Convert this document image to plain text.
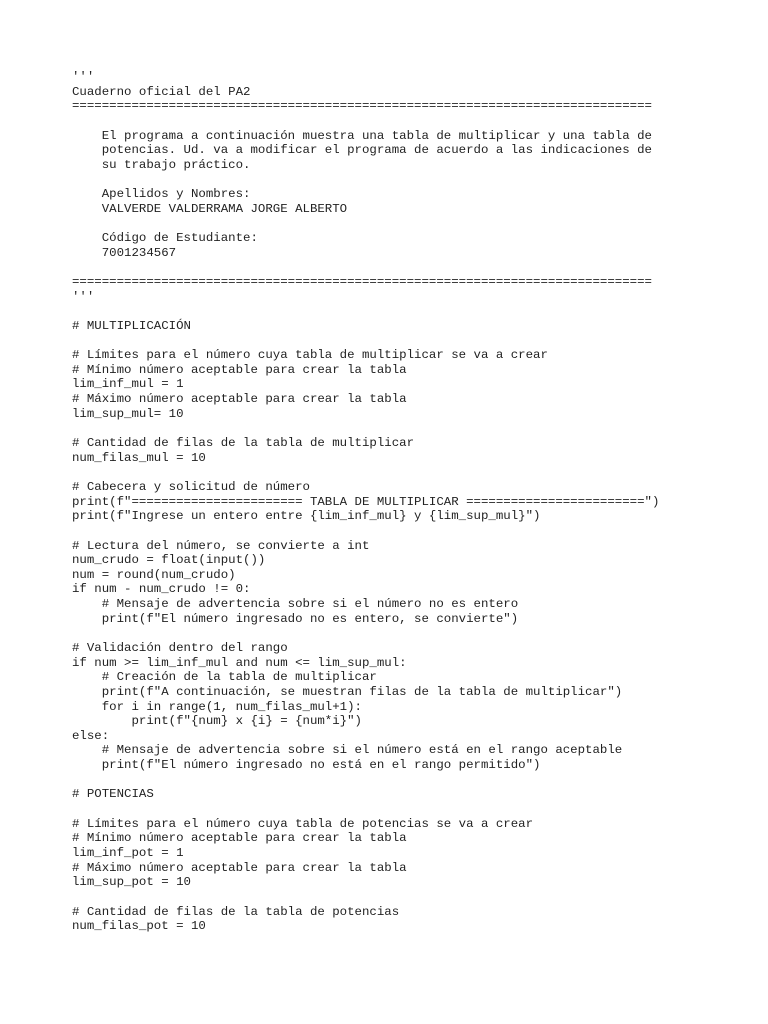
'''
Cuaderno oficial del PA2
==============================================================================
El programa a continuación muestra una tabla de multiplicar y una tabla de
potencias. Ud. va a modificar el programa de acuerdo a las indicaciones de
su trabajo práctico.
Apellidos y Nombres:
VALVERDE VALDERRAMA JORGE ALBERTO
Código de Estudiante:
7001234567
==============================================================================
'''
# MULTIPLICACIÓN
# Límites para el número cuya tabla de multiplicar se va a crear
# Mínimo número aceptable para crear la tabla
lim_inf_mul = 1
# Máximo número aceptable para crear la tabla
lim_sup_mul= 10
# Cantidad de filas de la tabla de multiplicar
num_filas_mul = 10
# Cabecera y solicitud de número
print(f"======================= TABLA DE MULTIPLICAR ========================")
print(f"Ingrese un entero entre {lim_inf_mul} y {lim_sup_mul}")
# Lectura del número, se convierte a int
num_crudo = float(input())
num = round(num_crudo)
if num - num_crudo != 0:
# Mensaje de advertencia sobre si el número no es entero
print(f"El número ingresado no es entero, se convierte")
# Validación dentro del rango
if num >= lim_inf_mul and num <= lim_sup_mul:
# Creación de la tabla de multiplicar
print(f"A continuación, se muestran filas de la tabla de multiplicar")
for i in range(1, num_filas_mul+1):
print(f"{num} x {i} = {num*i}")
else:
# Mensaje de advertencia sobre si el número está en el rango aceptable
print(f"El número ingresado no está en el rango permitido")
# POTENCIAS
# Límites para el número cuya tabla de potencias se va a crear
# Mínimo número aceptable para crear la tabla
lim_inf_pot = 1
# Máximo número aceptable para crear la tabla
lim_sup_pot = 10
# Cantidad de filas de la tabla de potencias
num_filas_pot = 10
